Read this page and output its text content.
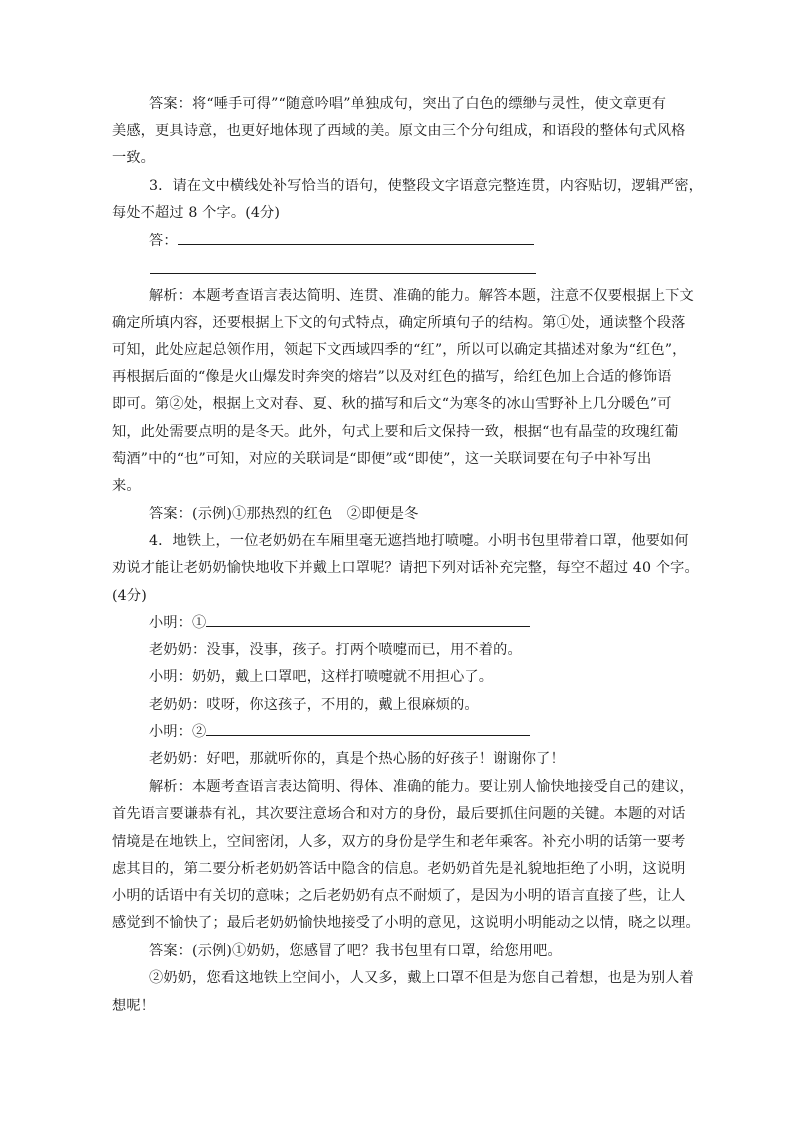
答案：将“唾手可得”“随意吟唱”单独成句，突出了白色的缥缈与灵性，使文章更有

美感，更具诗意，也更好地体现了西域的美。原文由三个分句组成，和语段的整体句式风格

一致。

3．请在文中横线处补写恰当的语句，使整段文字语意完整连贯，内容贴切，逻辑严密，

每处不超过 8 个字。(4分)

答：

解析：本题考查语言表达简明、连贯、准确的能力。解答本题，注意不仅要根据上下文

确定所填内容，还要根据上下文的句式特点，确定所填句子的结构。第①处，通读整个段落

可知，此处应起总领作用，领起下文西域四季的“红”，所以可以确定其描述对象为“红色”，

再根据后面的“像是火山爆发时奔突的熔岩”以及对红色的描写，给红色加上合适的修饰语

即可。第②处，根据上文对春、夏、秋的描写和后文“为寒冬的冰山雪野补上几分暖色”可

知，此处需要点明的是冬天。此外，句式上要和后文保持一致，根据“也有晶莹的玫瑰红葡

萄酒”中的“也”可知，对应的关联词是“即便”或“即使”，这一关联词要在句子中补写出

来。

答案：(示例)①那热烈的红色　②即便是冬

4．地铁上，一位老奶奶在车厢里毫无遮挡地打喷嚏。小明书包里带着口罩，他要如何

劝说才能让老奶奶愉快地收下并戴上口罩呢？请把下列对话补充完整，每空不超过 40 个字。

(4分)

小明：①

老奶奶：没事，没事，孩子。打两个喷嚏而已，用不着的。

小明：奶奶，戴上口罩吧，这样打喷嚏就不用担心了。

老奶奶：哎呀，你这孩子，不用的，戴上很麻烦的。

小明：②

老奶奶：好吧，那就听你的，真是个热心肠的好孩子！谢谢你了！

解析：本题考查语言表达简明、得体、准确的能力。要让别人愉快地接受自己的建议，

首先语言要谦恭有礼，其次要注意场合和对方的身份，最后要抓住问题的关键。本题的对话

情境是在地铁上，空间密闭，人多，双方的身份是学生和老年乘客。补充小明的话第一要考

虑其目的，第二要分析老奶奶答话中隐含的信息。老奶奶首先是礼貌地拒绝了小明，这说明

小明的话语中有关切的意味；之后老奶奶有点不耐烦了，是因为小明的语言直接了些，让人

感觉到不愉快了；最后老奶奶愉快地接受了小明的意见，这说明小明能动之以情，晓之以理。

答案：(示例)①奶奶，您感冒了吧？我书包里有口罩，给您用吧。

②奶奶，您看这地铁上空间小，人又多，戴上口罩不但是为您自己着想，也是为别人着

想呢！
